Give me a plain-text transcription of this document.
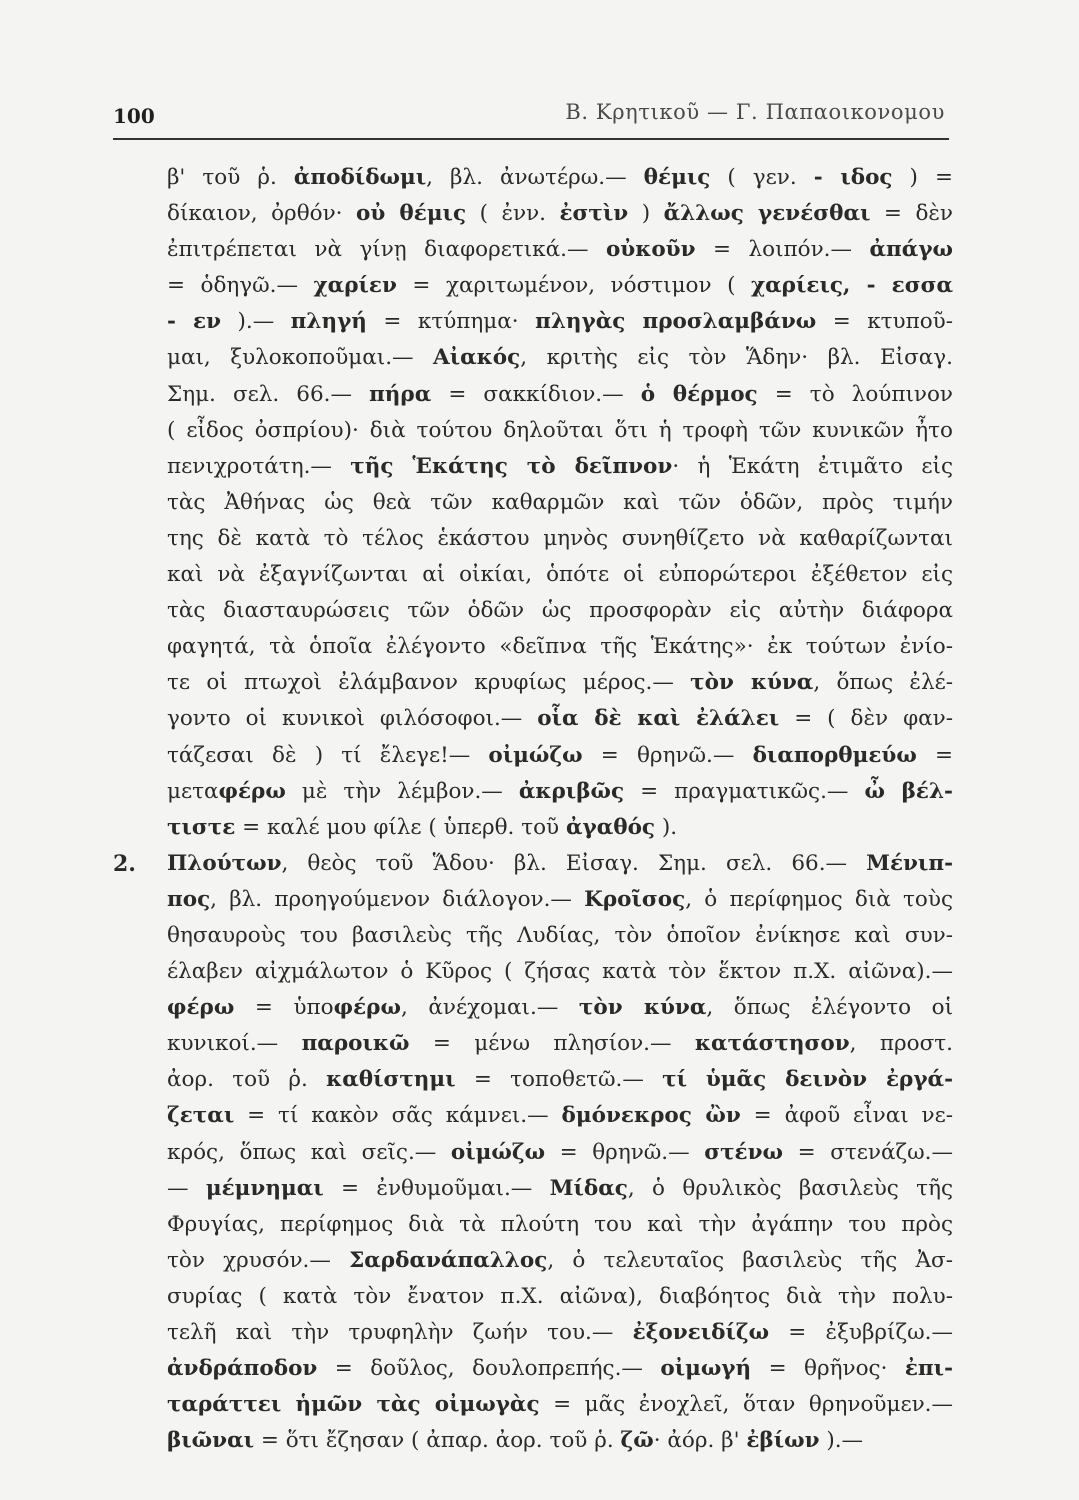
100	Β. Κρητικοῦ — Γ. Παπαοικονομου
2.
β' τοῦ ῥ. ἀποδίδωμι, βλ. ἀνωτέρω.— θέμις ( γεν. - ιδος ) =
δίκαιον, ὀρθόν· οὐ θέμις ( ἐνν. ἐστὶν ) ἄλλως γενέσθαι = δὲν
ἐπιτρέπεται νὰ γίνῃ διαφορετικά.— οὐκοῦν = λοιπόν.— ἀπάγω
= ὁδηγῶ.— χαρίεν = χαριτωμένον, νόστιμον ( χαρίεις, - εσσα
- εν ).— πληγή = κτύπημα· πληγὰς προσλαμβάνω = κτυποῦ-
μαι, ξυλοκοποῦμαι.— Αἰακός, κριτὴς εἰς τὸν Ἅδην· βλ. Εἰσαγ.
Σημ. σελ. 66.— πήρα = σακκίδιον.— ὁ θέρμος = τὸ λούπινον
( εἶδος ὀσπρίου)· διὰ τούτου δηλοῦται ὅτι ἡ τροφὴ τῶν κυνικῶν ἦτο
πενιχροτάτη.— τῆς Ἑκάτης τὸ δεῖπνον· ἡ Ἑκάτη ἐτιμᾶτο εἰς
τὰς Ἀθήνας ὡς θεὰ τῶν καθαρμῶν καὶ τῶν ὁδῶν, πρὸς τιμήν
της δὲ κατὰ τὸ τέλος ἑκάστου μηνὸς συνηθίζετο νὰ καθαρίζωνται
καὶ νὰ ἐξαγνίζωνται αἱ οἰκίαι, ὁπότε οἱ εὐπορώτεροι ἐξέθετον εἰς
τὰς διασταυρώσεις τῶν ὁδῶν ὡς προσφορὰν εἰς αὐτὴν διάφορα
φαγητά, τὰ ὁποῖα ἐλέγοντο «δεῖπνα τῆς Ἑκάτης»· ἐκ τούτων ἐνίο-
τε οἱ πτωχοὶ ἐλάμβανον κρυφίως μέρος.— τὸν κύνα, ὅπως ἐλέ-
γοντο οἱ κυνικοὶ φιλόσοφοι.— οἷα δὲ καὶ ἐλάλει = ( δὲν φαν-
τάζεσαι δὲ ) τί ἔλεγε!— οἰμώζω = θρηνῶ.— διαπορθμεύω =
μεταφέρω μὲ τὴν λέμβον.— ἀκριβῶς = πραγματικῶς.— ὦ βέλ-
τιστε = καλέ μου φίλε ( ὑπερθ. τοῦ ἀγαθός ).
Πλούτων, θεὸς τοῦ Ἅδου· βλ. Εἰσαγ. Σημ. σελ. 66.— Μένιπ-
πος, βλ. προηγούμενον διάλογον.— Κροῖσος, ὁ περίφημος διὰ τοὺς
θησαυροὺς του βασιλεὺς τῆς Λυδίας, τὸν ὁποῖον ἐνίκησε καὶ συν-
έλαβεν αἰχμάλωτον ὁ Κῦρος ( ζήσας κατὰ τὸν ἕκτον π.Χ. αἰῶνα).—
φέρω = ὑποφέρω, ἀνέχομαι.— τὸν κύνα, ὅπως ἐλέγοντο οἱ
κυνικοί.— παροικῶ = μένω πλησίον.— κατάστησον, προστ.
ἀορ. τοῦ ῥ. καθίστημι = τοποθετῶ.— τί ὑμᾶς δεινὸν ἐργά-
ζεται = τί κακὸν σᾶς κάμνει.— δμόνεκρος ὢν = ἀφοῦ εἶναι νε-
κρός, ὅπως καὶ σεῖς.— οἰμώζω = θρηνῶ.— στένω = στενάζω.—
— μέμνημαι = ἐνθυμοῦμαι.— Μίδας, ὁ θρυλικὸς βασιλεὺς τῆς
Φρυγίας, περίφημος διὰ τὰ πλούτη του καὶ τὴν ἀγάπην του πρὸς
τὸν χρυσόν.— Σαρδανάπαλλος, ὁ τελευταῖος βασιλεὺς τῆς Ἀσ-
συρίας ( κατὰ τὸν ἔνατον π.Χ. αἰῶνα), διαβόητος διὰ τὴν πολυ-
τελῆ καὶ τὴν τρυφηλὴν ζωήν του.— ἐξονειδίζω = ἐξυβρίζω.—
ἀνδράποδον = δοῦλος, δουλοπρεπής.— οἰμωγή = θρῆνος· ἐπι-
ταράττει ἡμῶν τὰς οἰμωγὰς = μᾶς ἐνοχλεῖ, ὅταν θρηνοῦμεν.—
βιῶναι = ὅτι ἔζησαν ( ἀπαρ. ἀορ. τοῦ ῥ. ζῶ· ἀόρ. β' ἐβίων ).—
